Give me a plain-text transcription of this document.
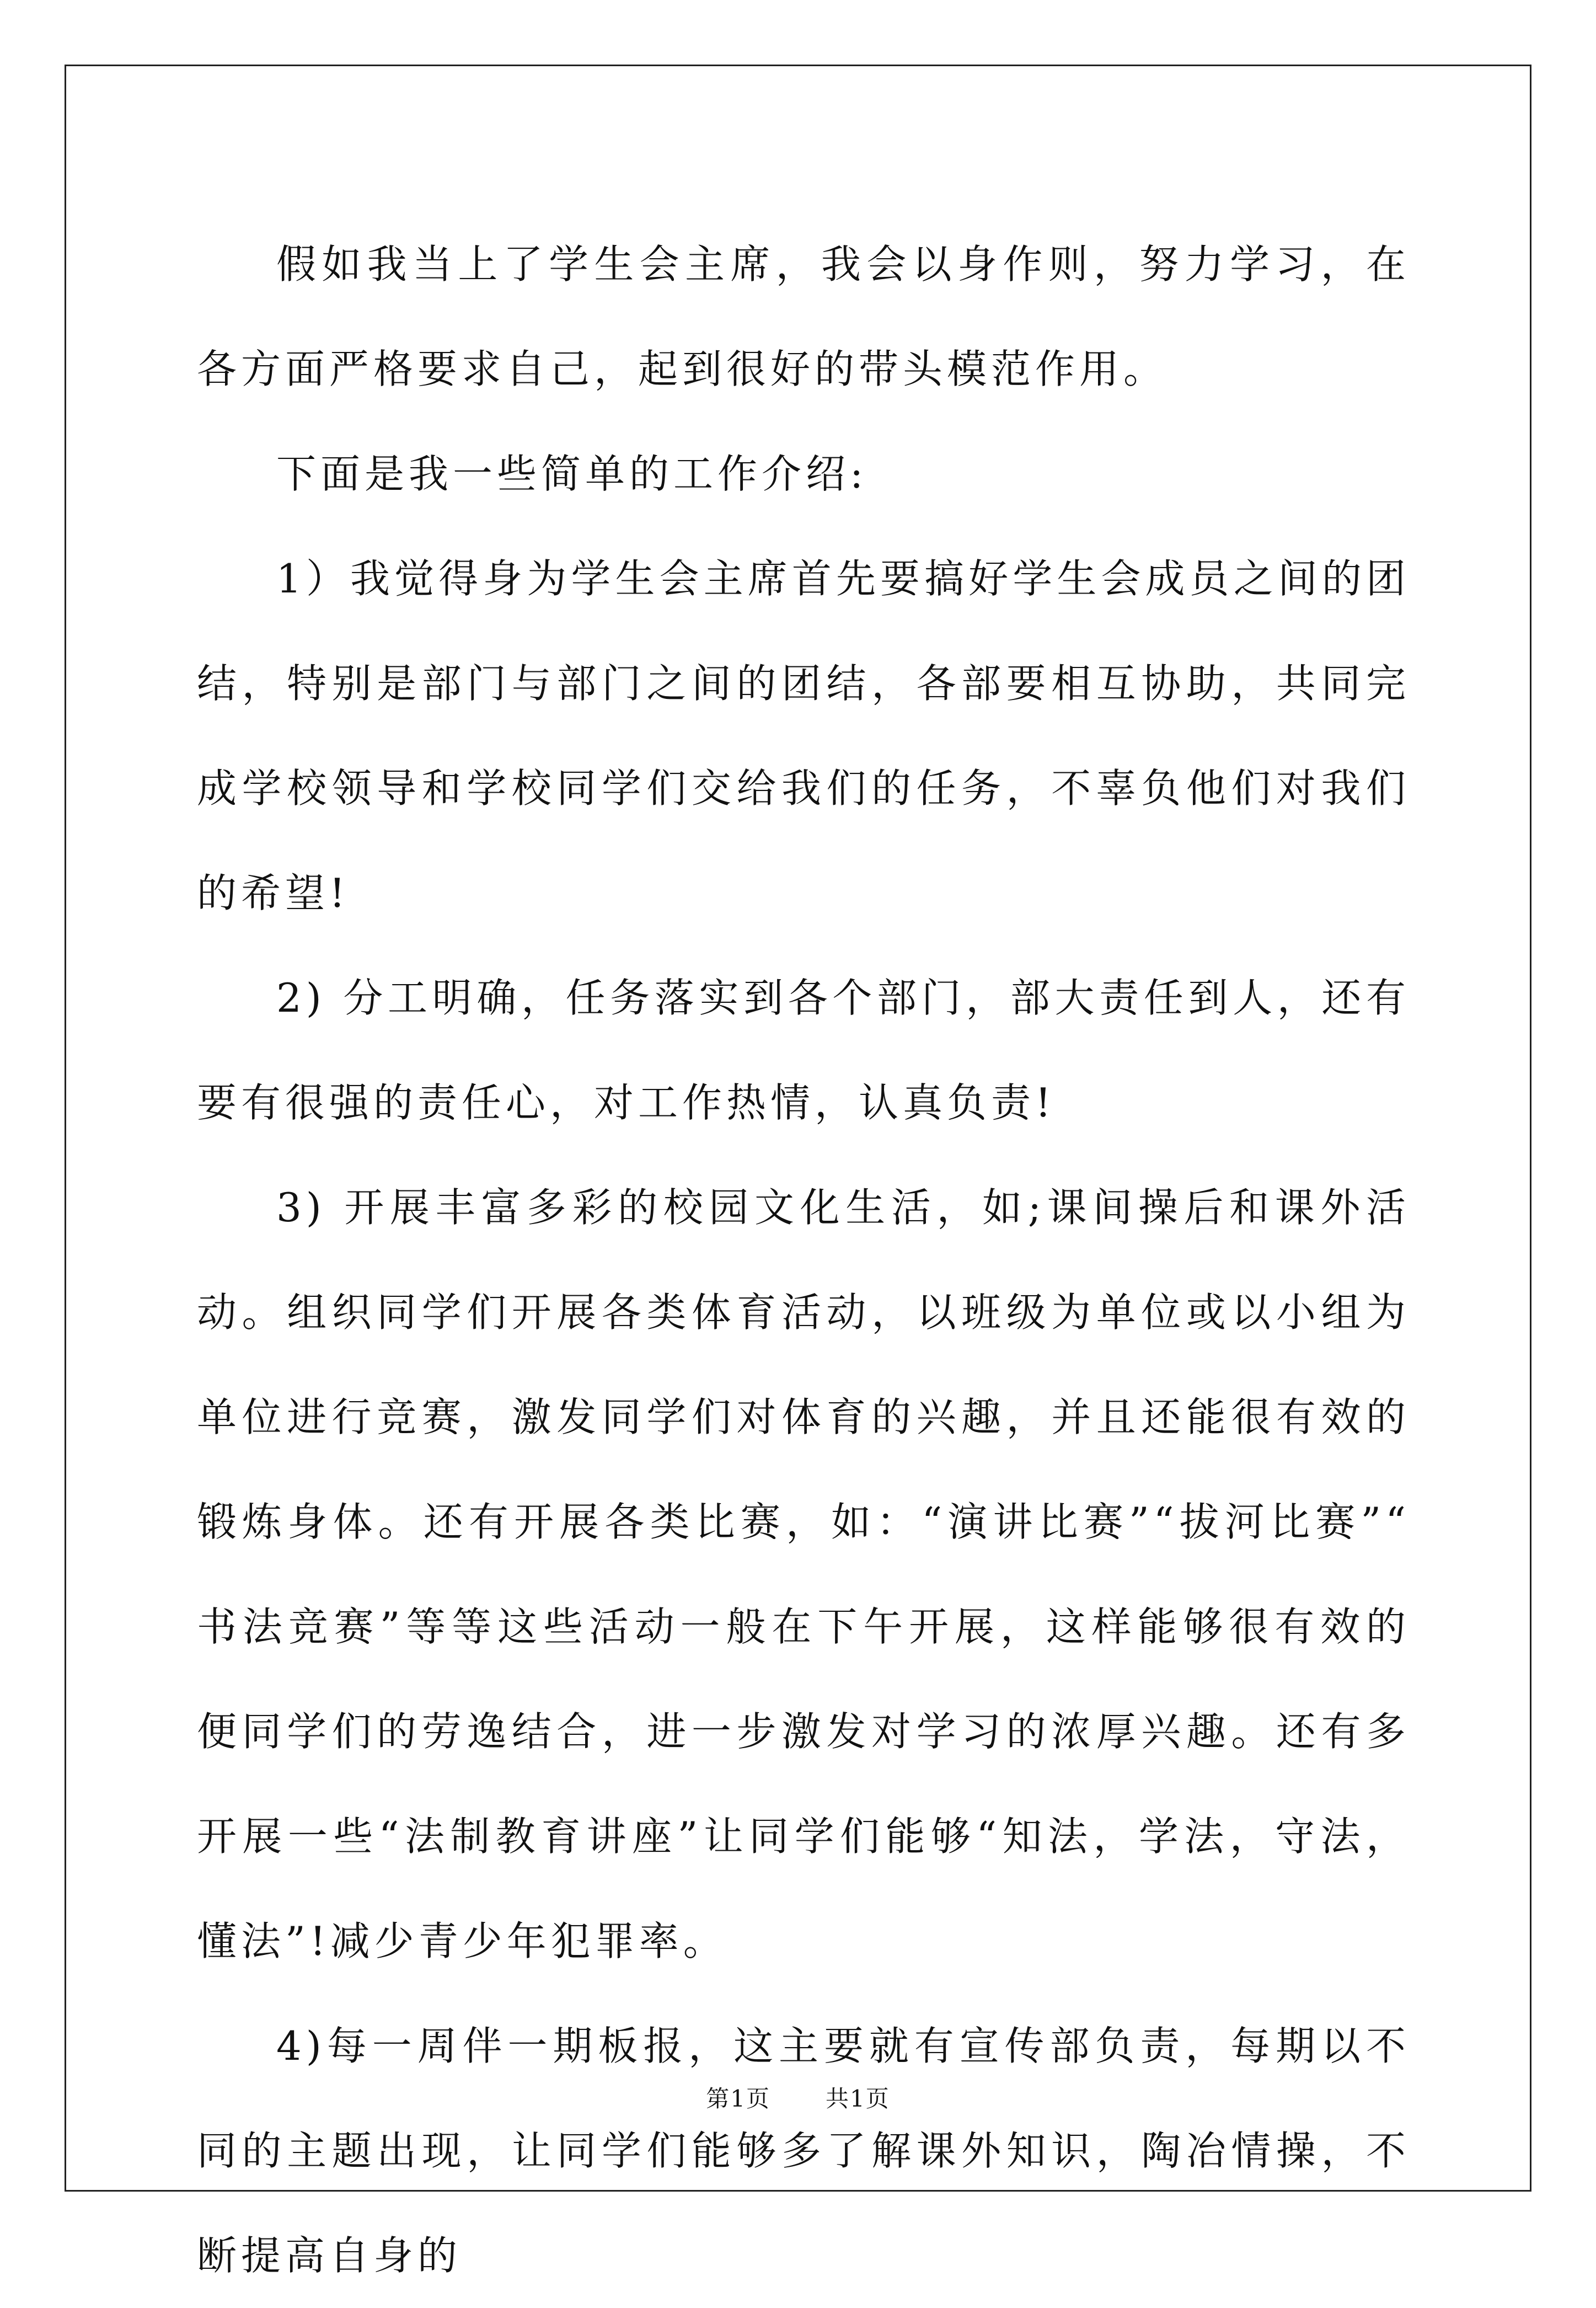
假如我当上了学生会主席，我会以身作则，努力学习，在各方面严格要求自己，起到很好的带头模范作用。

下面是我一些简单的工作介绍:

1）我觉得身为学生会主席首先要搞好学生会成员之间的团结，特别是部门与部门之间的团结，各部要相互协助，共同完成学校领导和学校同学们交给我们的任务，不辜负他们对我们的希望!

2) 分工明确，任务落实到各个部门，部大责任到人，还有要有很强的责任心，对工作热情，认真负责!

3) 开展丰富多彩的校园文化生活，如;课间操后和课外活动。组织同学们开展各类体育活动，以班级为单位或以小组为单位进行竞赛，激发同学们对体育的兴趣，并且还能很有效的锻炼身体。还有开展各类比赛，如：“演讲比赛”“拔河比赛”“书法竞赛”等等这些活动一般在下午开展，这样能够很有效的便同学们的劳逸结合，进一步激发对学习的浓厚兴趣。还有多开展一些“法制教育讲座”让同学们能够“知法，学法，守法，懂法”!减少青少年犯罪率。

4)每一周伴一期板报，这主要就有宣传部负责，每期以不同的主题出现，让同学们能够多了解课外知识，陶冶情操，不断提高自身的

第1页   共1页
